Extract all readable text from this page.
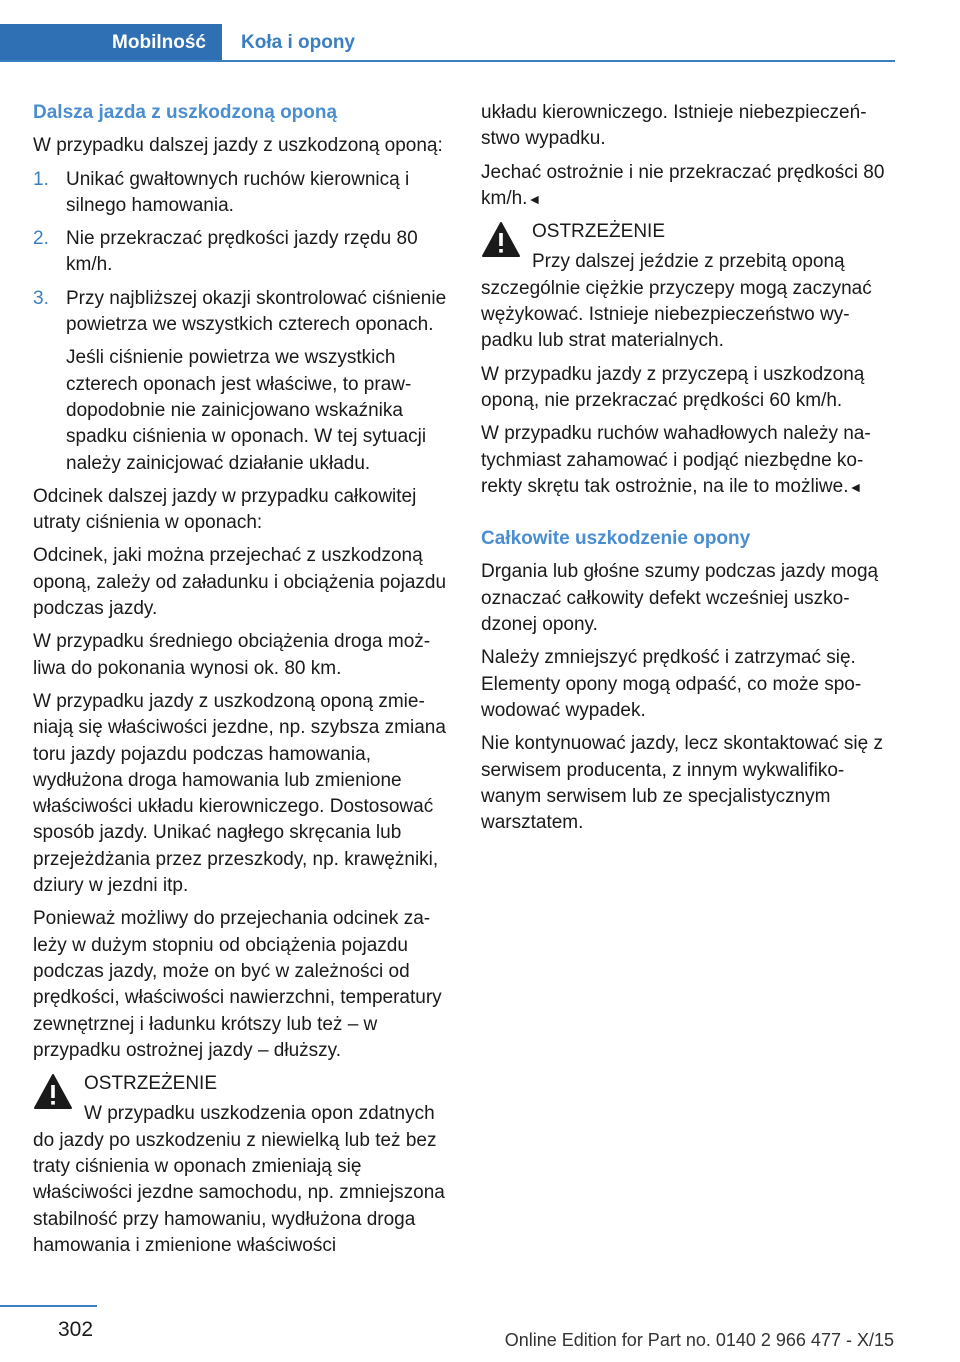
Mobilność	Koła i opony

Dalsza jazda z uszkodzoną oponą

W przypadku dalszej jazdy z uszkodzoną oponą:

1. Unikać gwałtownych ruchów kierownicą i silnego hamowania.
2. Nie przekraczać prędkości jazdy rzędu 80 km/h.
3. Przy najbliższej okazji skontrolować ciśnienie powietrza we wszystkich czterech oponach.
Jeśli ciśnienie powietrza we wszystkich czterech oponach jest właściwe, to prawdopodobnie nie zainicjowano wskaźnika spadku ciśnienia w oponach. W tej sytuacji należy zainicjować działanie układu.

Odcinek dalszej jazdy w przypadku całkowitej utraty ciśnienia w oponach:

Odcinek, jaki można przejechać z uszkodzoną oponą, zależy od załadunku i obciążenia pojazdu podczas jazdy.

W przypadku średniego obciążenia droga możliwa do pokonania wynosi ok. 80 km.

W przypadku jazdy z uszkodzoną oponą zmieniają się właściwości jezdne, np. szybsza zmiana toru jazdy pojazdu podczas hamowania, wydłużona droga hamowania lub zmienione właściwości układu kierowniczego. Dostosować sposób jazdy. Unikać nagłego skręcania lub przejeżdżania przez przeszkody, np. krawężniki, dziury w jezdni itp.

Ponieważ możliwy do przejechania odcinek zależy w dużym stopniu od obciążenia pojazdu podczas jazdy, może on być w zależności od prędkości, właściwości nawierzchni, temperatury zewnętrznej i ładunku krótszy lub też – w przypadku ostrożnej jazdy – dłuższy.

OSTRZEŻENIE
W przypadku uszkodzenia opon zdatnych do jazdy po uszkodzeniu z niewielką lub też bez traty ciśnienia w oponach zmieniają się właściwości jezdne samochodu, np. zmniejszona stabilność przy hamowaniu, wydłużona droga hamowania i zmienione właściwości

układu kierowniczego. Istnieje niebezpieczeństwo wypadku.

Jechać ostrożnie i nie przekraczać prędkości 80 km/h.◄

OSTRZEŻENIE
Przy dalszej jeździe z przebitą oponą szczególnie ciężkie przyczepy mogą zaczynać wężykować. Istnieje niebezpieczeństwo wypadku lub strat materialnych.

W przypadku jazdy z przyczepą i uszkodzoną oponą, nie przekraczać prędkości 60 km/h.

W przypadku ruchów wahadłowych należy natychmiast zahamować i podjąć niezbędne korekty skrętu tak ostrożnie, na ile to możliwe.◄

Całkowite uszkodzenie opony

Drgania lub głośne szumy podczas jazdy mogą oznaczać całkowity defekt wcześniej uszkodzonej opony.

Należy zmniejszyć prędkość i zatrzymać się. Elementy opony mogą odpaść, co może spowodować wypadek.

Nie kontynuować jazdy, lecz skontaktować się z serwisem producenta, z innym wykwalifikowanym serwisem lub ze specjalistycznym warsztatem.

302	Online Edition for Part no. 0140 2 966 477 - X/15
